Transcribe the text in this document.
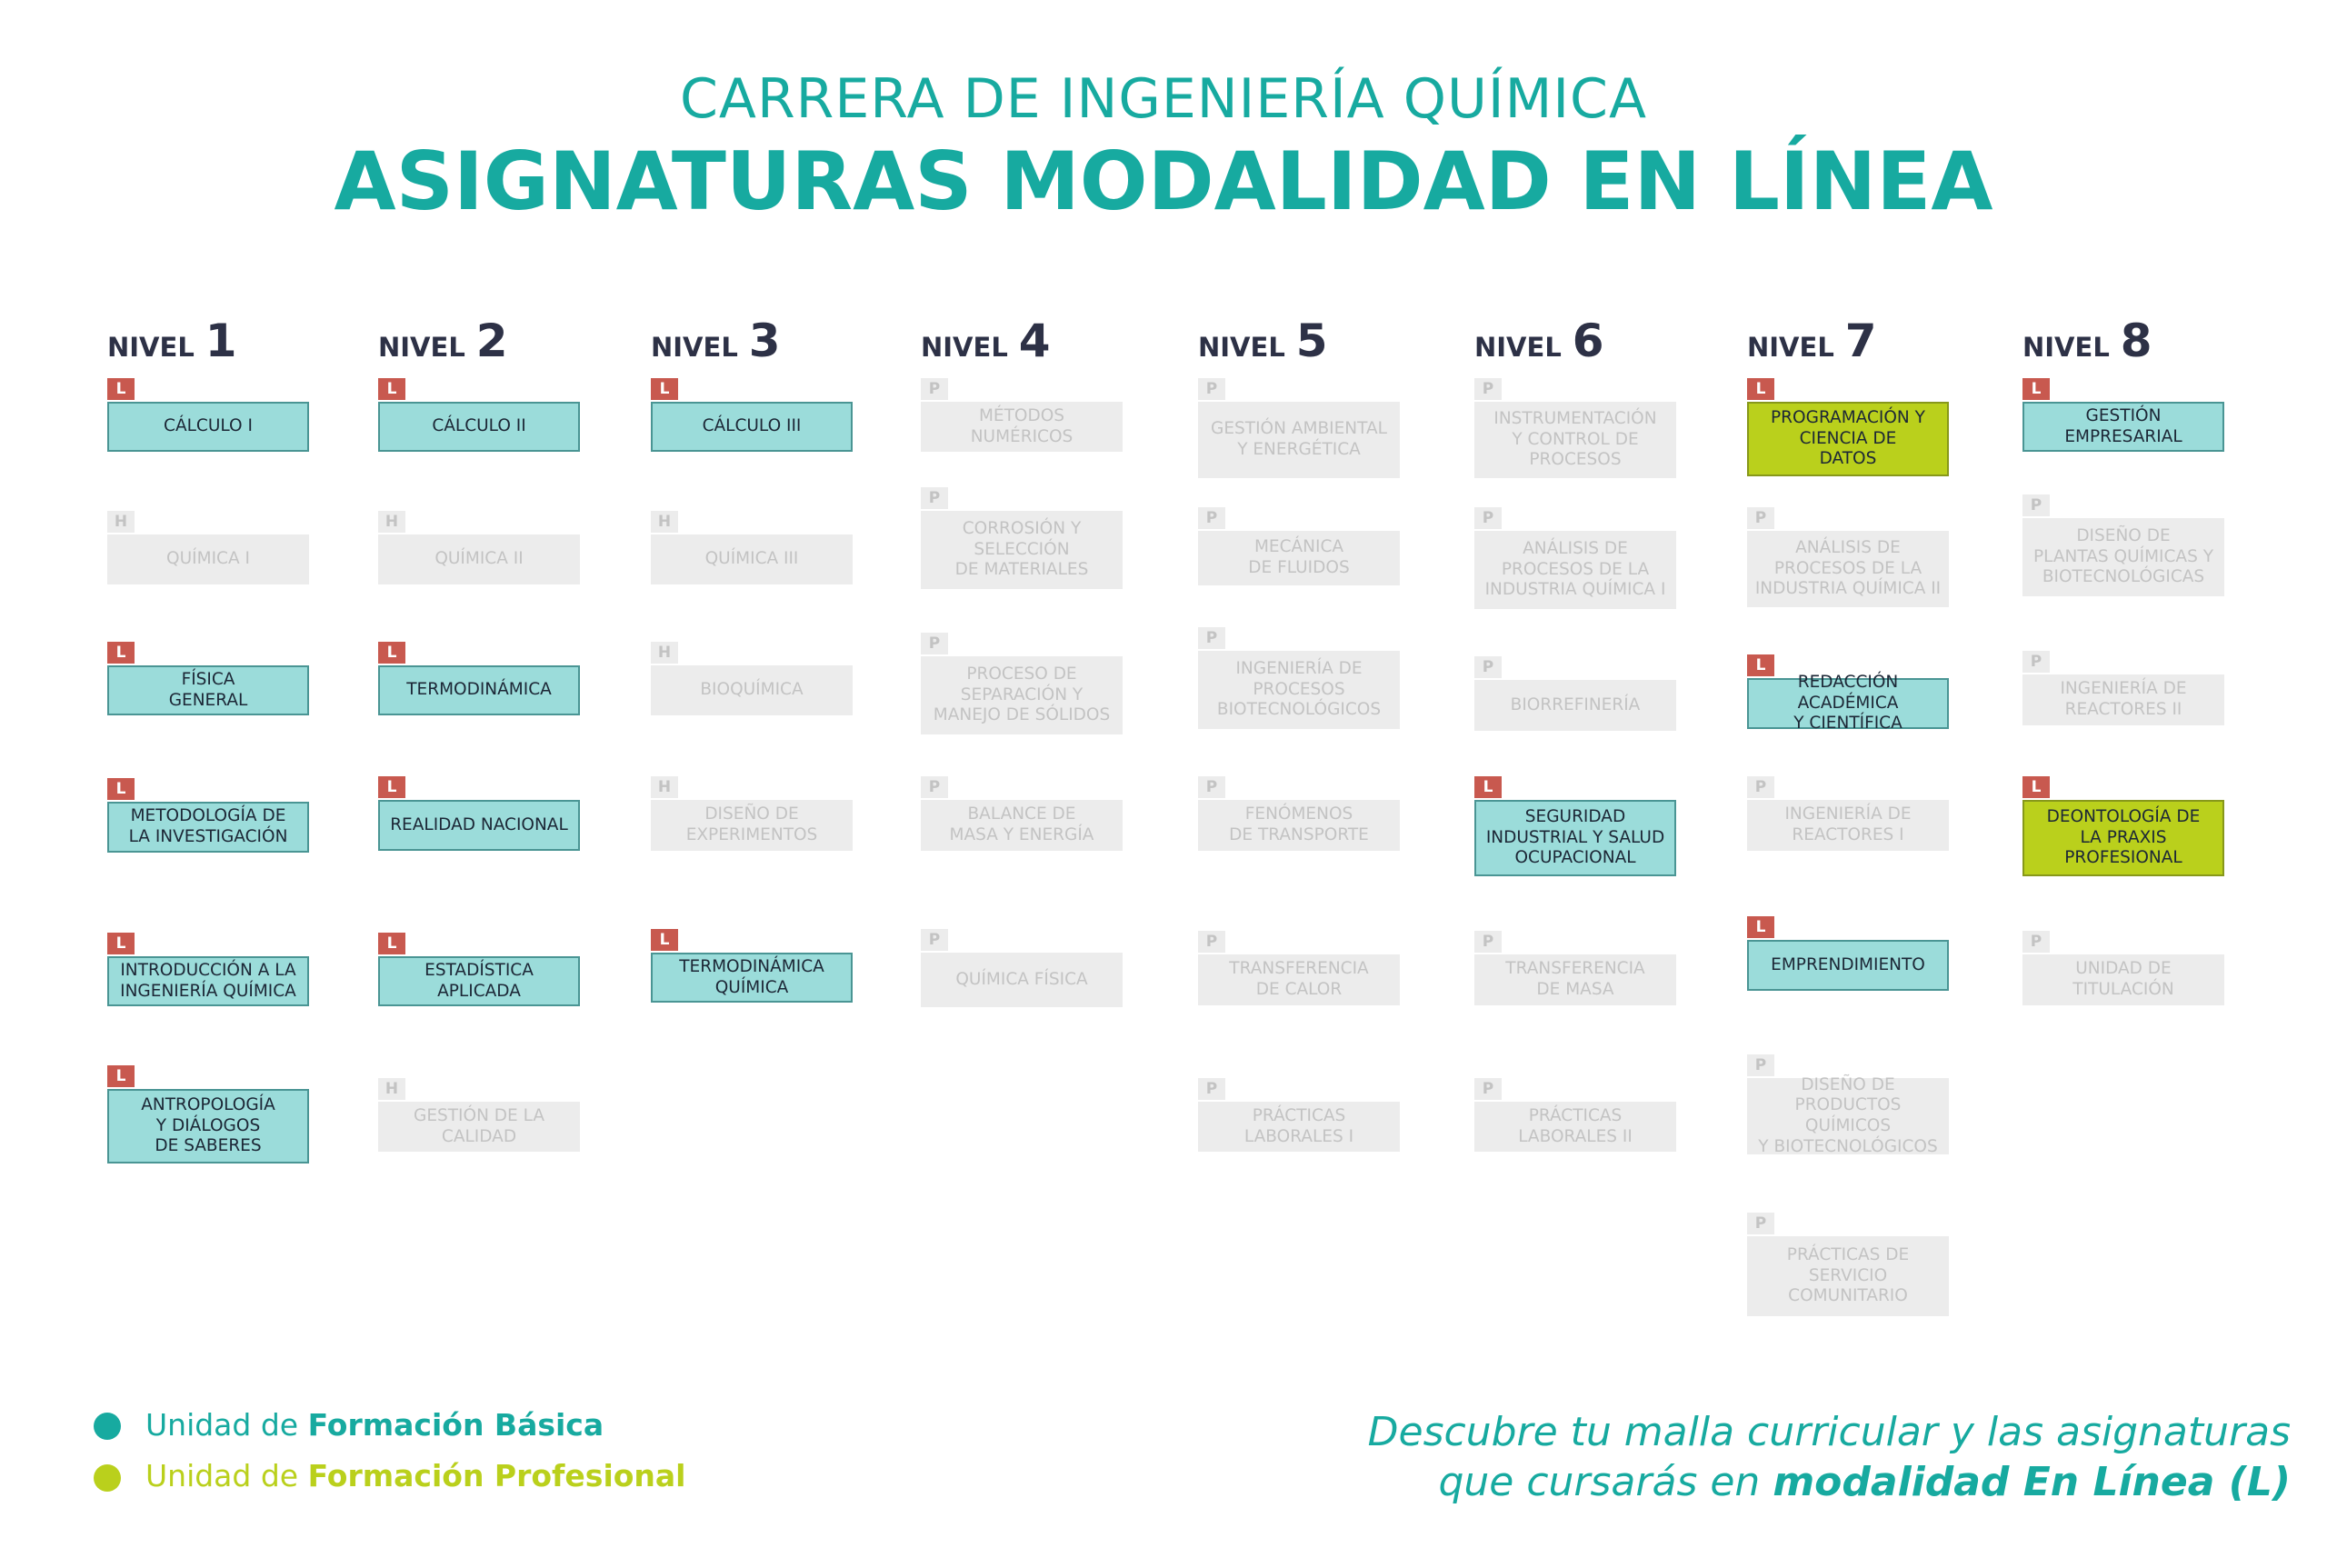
CARRERA DE INGENIERÍA QUÍMICA
ASIGNATURAS MODALIDAD EN LÍNEA
NIVEL 1
L
CÁLCULO I
H
QUÍMICA I
L
FÍSICA
GENERAL
L
METODOLOGÍA DE
LA INVESTIGACIÓN
L
INTRODUCCIÓN A LA
INGENIERÍA QUÍMICA
L
ANTROPOLOGÍA
Y DIÁLOGOS
DE SABERES
NIVEL 2
L
CÁLCULO II
H
QUÍMICA II
L
TERMODINÁMICA
L
REALIDAD NACIONAL
L
ESTADÍSTICA
APLICADA
H
GESTIÓN DE LA
CALIDAD
NIVEL 3
L
CÁLCULO III
H
QUÍMICA III
H
BIOQUÍMICA
H
DISEÑO DE
EXPERIMENTOS
L
TERMODINÁMICA
QUÍMICA
NIVEL 4
P
MÉTODOS
NUMÉRICOS
P
CORROSIÓN Y
SELECCIÓN
DE MATERIALES
P
PROCESO DE
SEPARACIÓN Y
MANEJO DE SÓLIDOS
P
BALANCE DE
MASA Y ENERGÍA
P
QUÍMICA FÍSICA
NIVEL 5
P
GESTIÓN AMBIENTAL
Y ENERGÉTICA
P
MECÁNICA
DE FLUIDOS
P
INGENIERÍA DE
PROCESOS
BIOTECNOLÓGICOS
P
FENÓMENOS
DE TRANSPORTE
P
TRANSFERENCIA
DE CALOR
P
PRÁCTICAS
LABORALES I
NIVEL 6
P
INSTRUMENTACIÓN
Y CONTROL DE
PROCESOS
P
ANÁLISIS DE
PROCESOS DE LA
INDUSTRIA QUÍMICA I
P
BIORREFINERÍA
L
SEGURIDAD
INDUSTRIAL Y SALUD
OCUPACIONAL
P
TRANSFERENCIA
DE MASA
P
PRÁCTICAS
LABORALES II
NIVEL 7
L
PROGRAMACIÓN Y
CIENCIA DE
DATOS
P
ANÁLISIS DE
PROCESOS DE LA
INDUSTRIA QUÍMICA II
L
REDACCIÓN ACADÉMICA
Y CIENTÍFICA
P
INGENIERÍA DE
REACTORES I
L
EMPRENDIMIENTO
P
DISEÑO DE
PRODUCTOS QUÍMICOS
Y BIOTECNOLÓGICOS
P
PRÁCTICAS DE
SERVICIO
COMUNITARIO
NIVEL 8
L
GESTIÓN
EMPRESARIAL
P
DISEÑO DE
PLANTAS QUÍMICAS Y
BIOTECNOLÓGICAS
P
INGENIERÍA DE
REACTORES II
L
DEONTOLOGÍA DE
LA PRAXIS
PROFESIONAL
P
UNIDAD DE
TITULACIÓN
Unidad de Formación Básica
Unidad de Formación Profesional
Descubre tu malla curricular y las asignaturas
que cursarás en modalidad En Línea (L)
